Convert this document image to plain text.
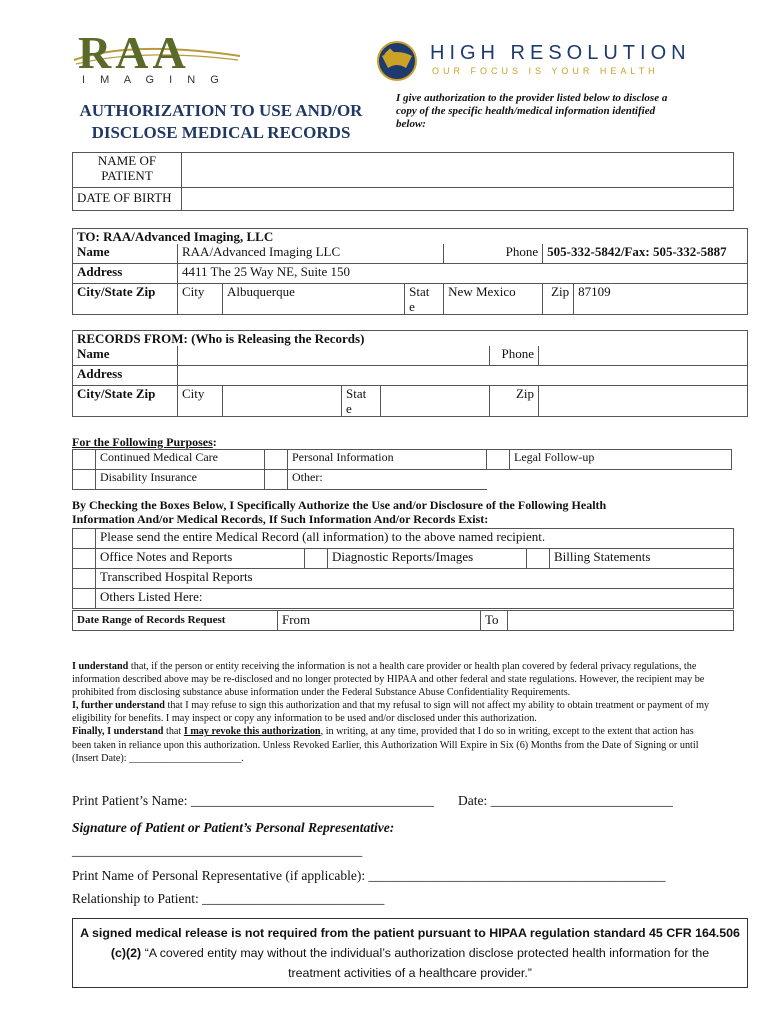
RAA
I M A G I N G
HIGH RESOLUTION
OUR FOCUS IS YOUR HEALTH
AUTHORIZATION TO USE AND/OR
DISCLOSE MEDICAL RECORDS
I give authorization to the provider listed below to disclose a copy of the specific health/medical information identified below:
NAME OF
PATIENT	

DATE OF BIRTH	
TO: RAA/Advanced Imaging, LLC						
Name	RAA/Advanced Imaging LLC			Phone	505-332-5842/Fax: 505-332-5887	
Address	4411 The 25 Way NE, Suite 150					
City/State Zip	City	Albuquerque	Stat
e	New Mexico	Zip	87109
RECORDS FROM: (Who is Releasing the Records)						
Name					Phone	
Address						
City/State Zip	City		Stat
e		Zip	
For the Following Purposes:
	Continued Medical Care		Personal Information		Legal Follow-up
	Disability Insurance		Other:		
By Checking the Boxes Below, I Specifically Authorize the Use and/or Disclosure of the Following Health
Information And/or Medical Records, If Such Information And/or Records Exist:
	Please send the entire Medical Record (all information) to the above named recipient.				
	Office Notes and Reports		Diagnostic Reports/Images		Billing Statements
	Transcribed Hospital Reports				
	Others Listed Here:				
Date Range of Records Request	From	To	

I understand that, if the person or entity receiving the information is not a health care provider or health plan covered by federal privacy regulations, the information described above may be re-disclosed and no longer protected by HIPAA and other federal and state regulations. However, the recipient may be prohibited from disclosing substance abuse information under the Federal Substance Abuse Confidentiality Requirements.

I, further understand that I may refuse to sign this authorization and that my refusal to sign will not affect my ability to obtain treatment or payment of my eligibility for benefits. I may inspect or copy any information to be used and/or disclosed under this authorization.

Finally, I understand that I may revoke this authorization, in writing, at any time, provided that I do so in writing, except to the extent that action has been taken in reliance upon this authorization. Unless Revoked Earlier, this Authorization Will Expire in Six (6) Months from the Date of Signing or until (Insert Date): ______________________.

Print Patient’s Name: ____________________________________ Date: ___________________________
Signature of Patient or Patient’s Personal Representative:
___________________________________________
Print Name of Personal Representative (if applicable): ____________________________________________
Relationship to Patient: ___________________________
A signed medical release is not required from the patient pursuant to HIPAA regulation standard 45 CFR 164.506
(c)(2) “A covered entity may without the individual’s authorization disclose protected health information for the
treatment activities of a healthcare provider.”
